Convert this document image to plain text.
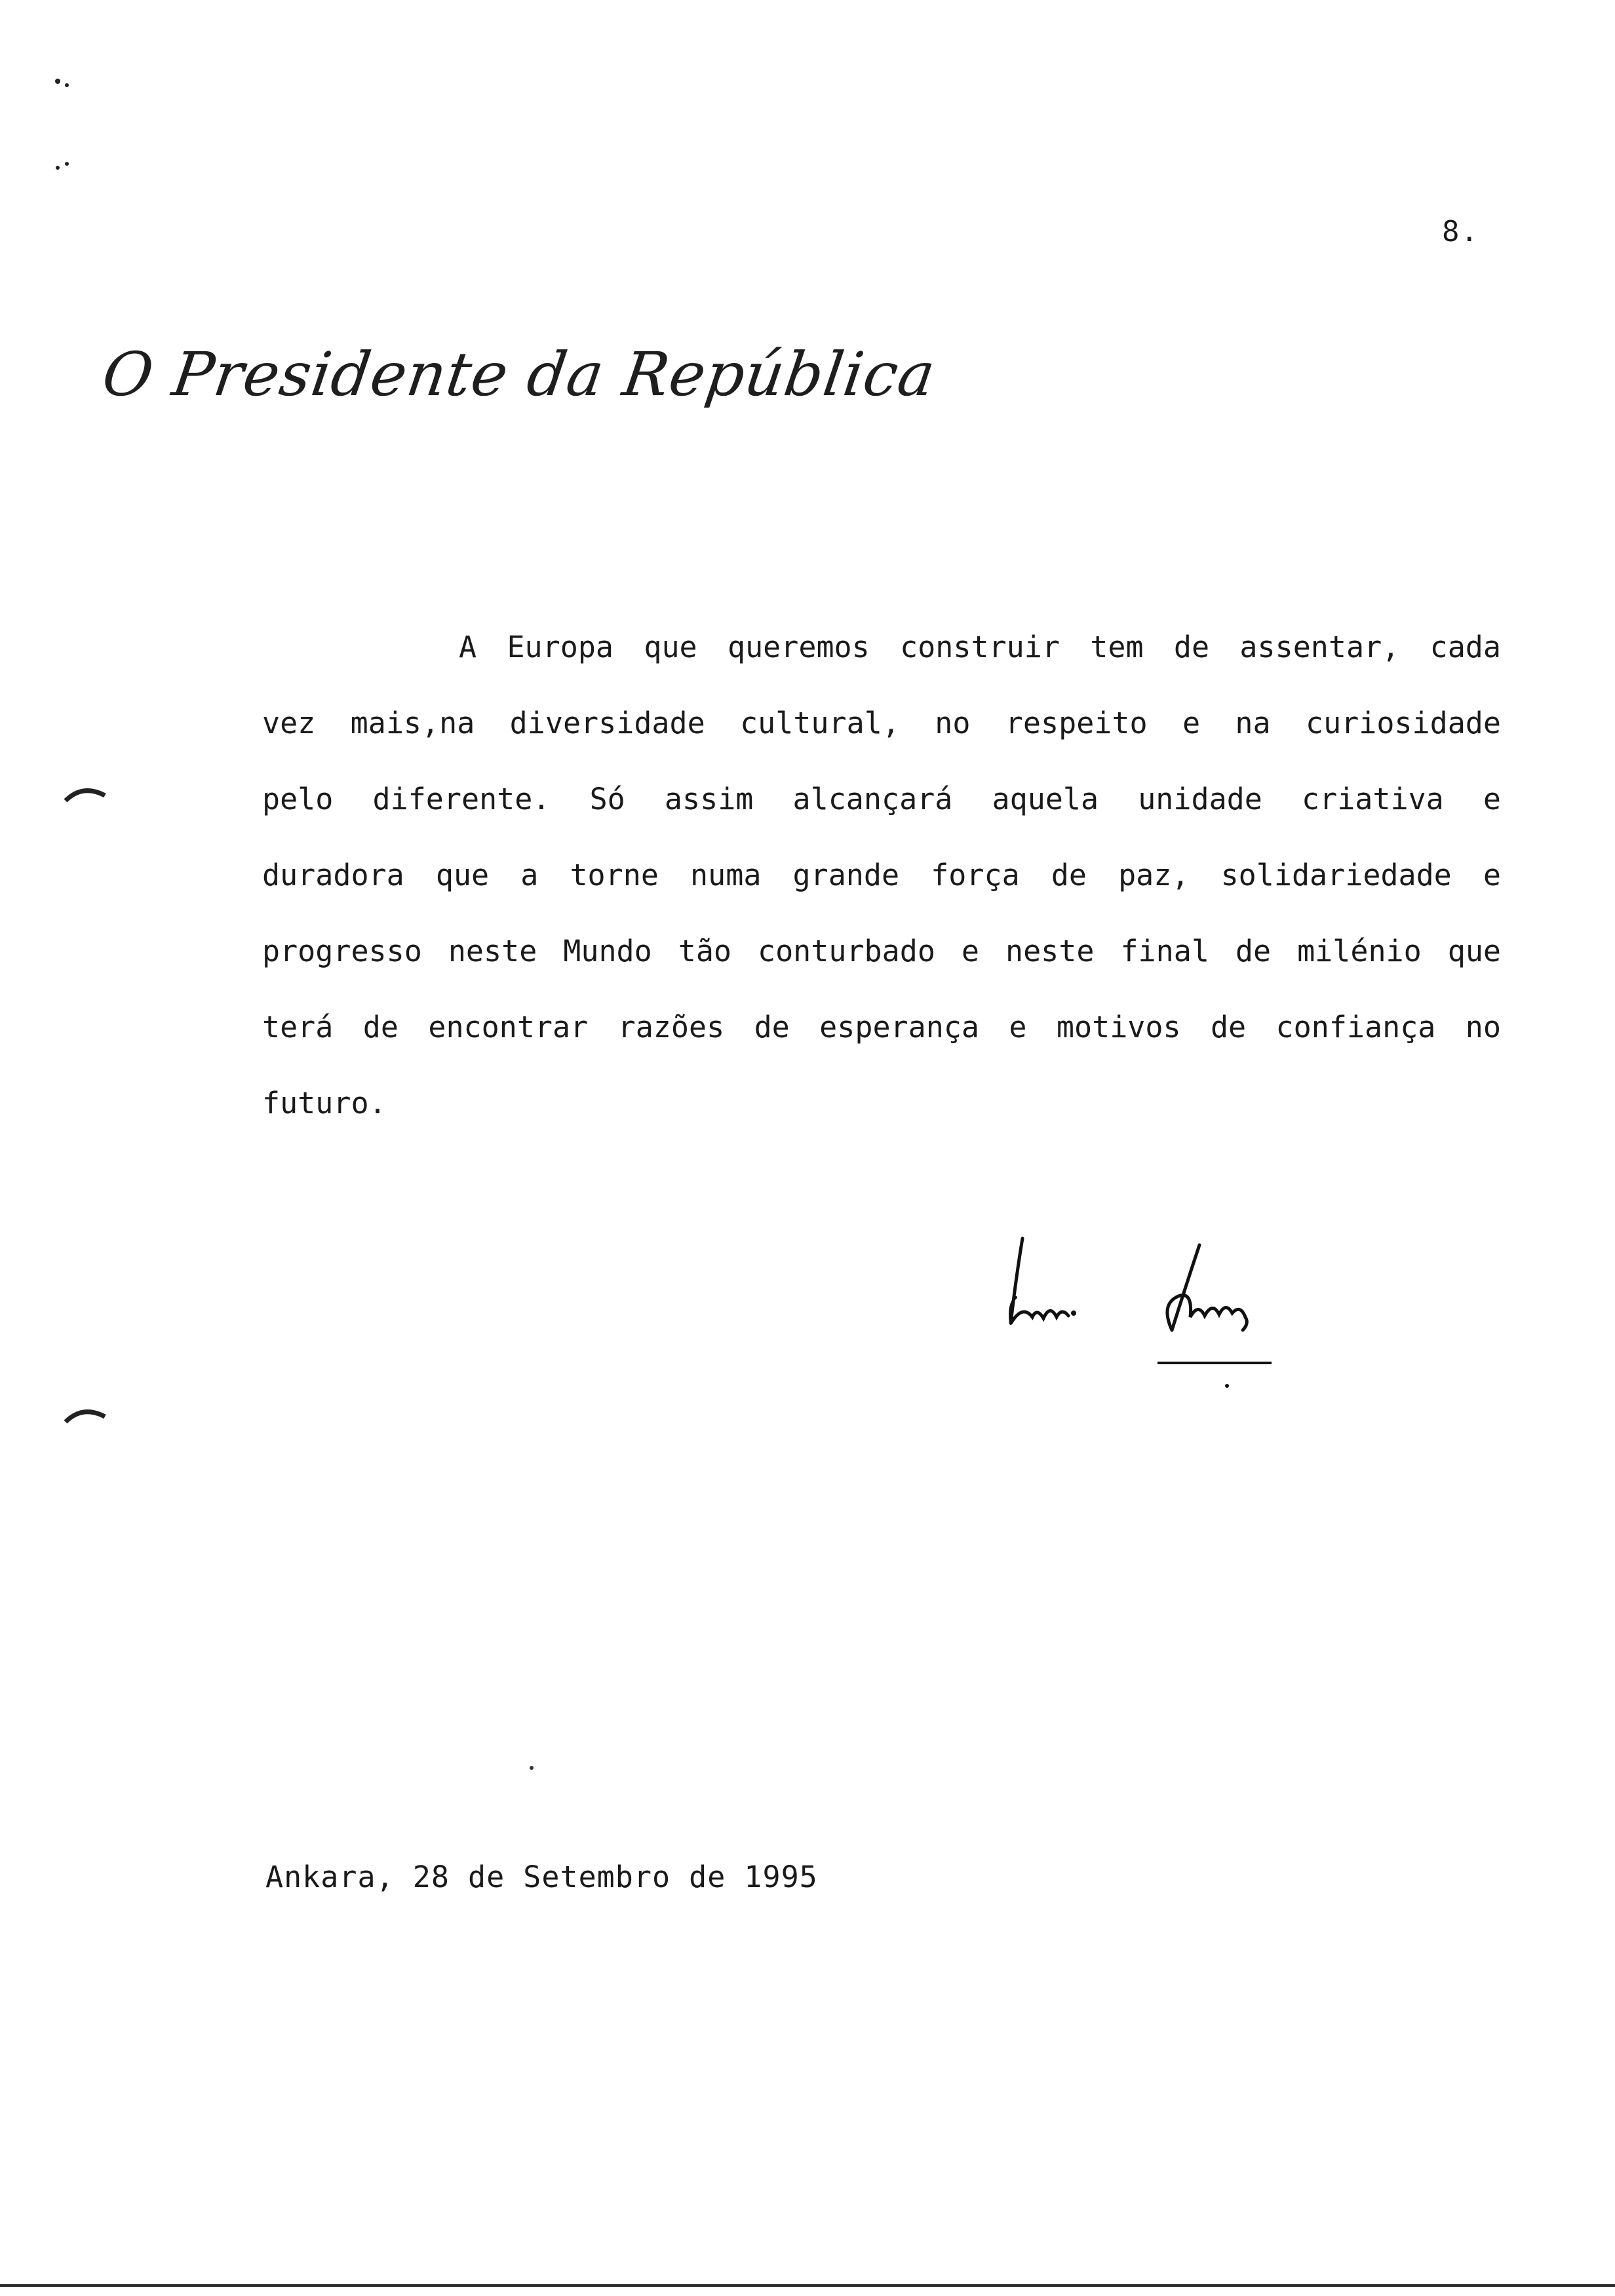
8.
O Presidente da República

A Europa que queremos construir tem de assentar, cada vez mais,na diversidade cultural, no respeito e na curiosidade pelo diferente. Só assim alcançará aquela unidade criativa e duradora que a torne numa grande força de paz, solidariedade e progresso neste Mundo tão conturbado e neste final de milénio que terá de encontrar razões de esperança e motivos de confiança no futuro.

Ankara, 28 de Setembro de 1995
